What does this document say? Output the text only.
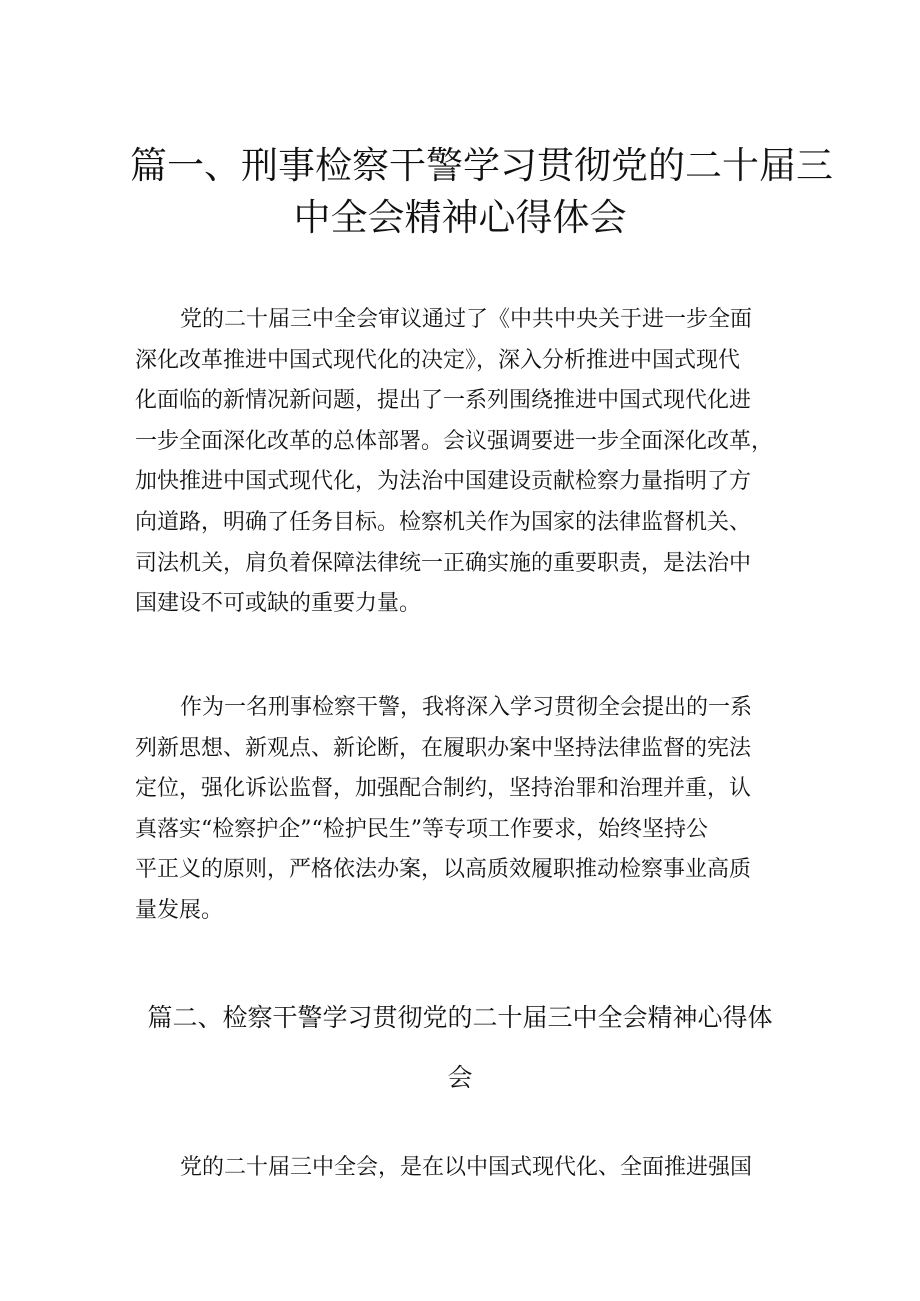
篇一、刑事检察干警学习贯彻党的二十届三
中全会精神心得体会

党的二十届三中全会审议通过了《中共中央关于进一步全面
深化改革推进中国式现代化的决定》，深入分析推进中国式现代
化面临的新情况新问题，提出了一系列围绕推进中国式现代化进
一步全面深化改革的总体部署。会议强调要进一步全面深化改革，
加快推进中国式现代化，为法治中国建设贡献检察力量指明了方
向道路，明确了任务目标。检察机关作为国家的法律监督机关、
司法机关，肩负着保障法律统一正确实施的重要职责，是法治中
国建设不可或缺的重要力量。

作为一名刑事检察干警，我将深入学习贯彻全会提出的一系
列新思想、新观点、新论断，在履职办案中坚持法律监督的宪法
定位，强化诉讼监督，加强配合制约，坚持治罪和治理并重，认
真落实“检察护企”“检护民生”等专项工作要求，始终坚持公
平正义的原则，严格依法办案，以高质效履职推动检察事业高质
量发展。

篇二、检察干警学习贯彻党的二十届三中全会精神心得体
会

党的二十届三中全会，是在以中国式现代化、全面推进强国
